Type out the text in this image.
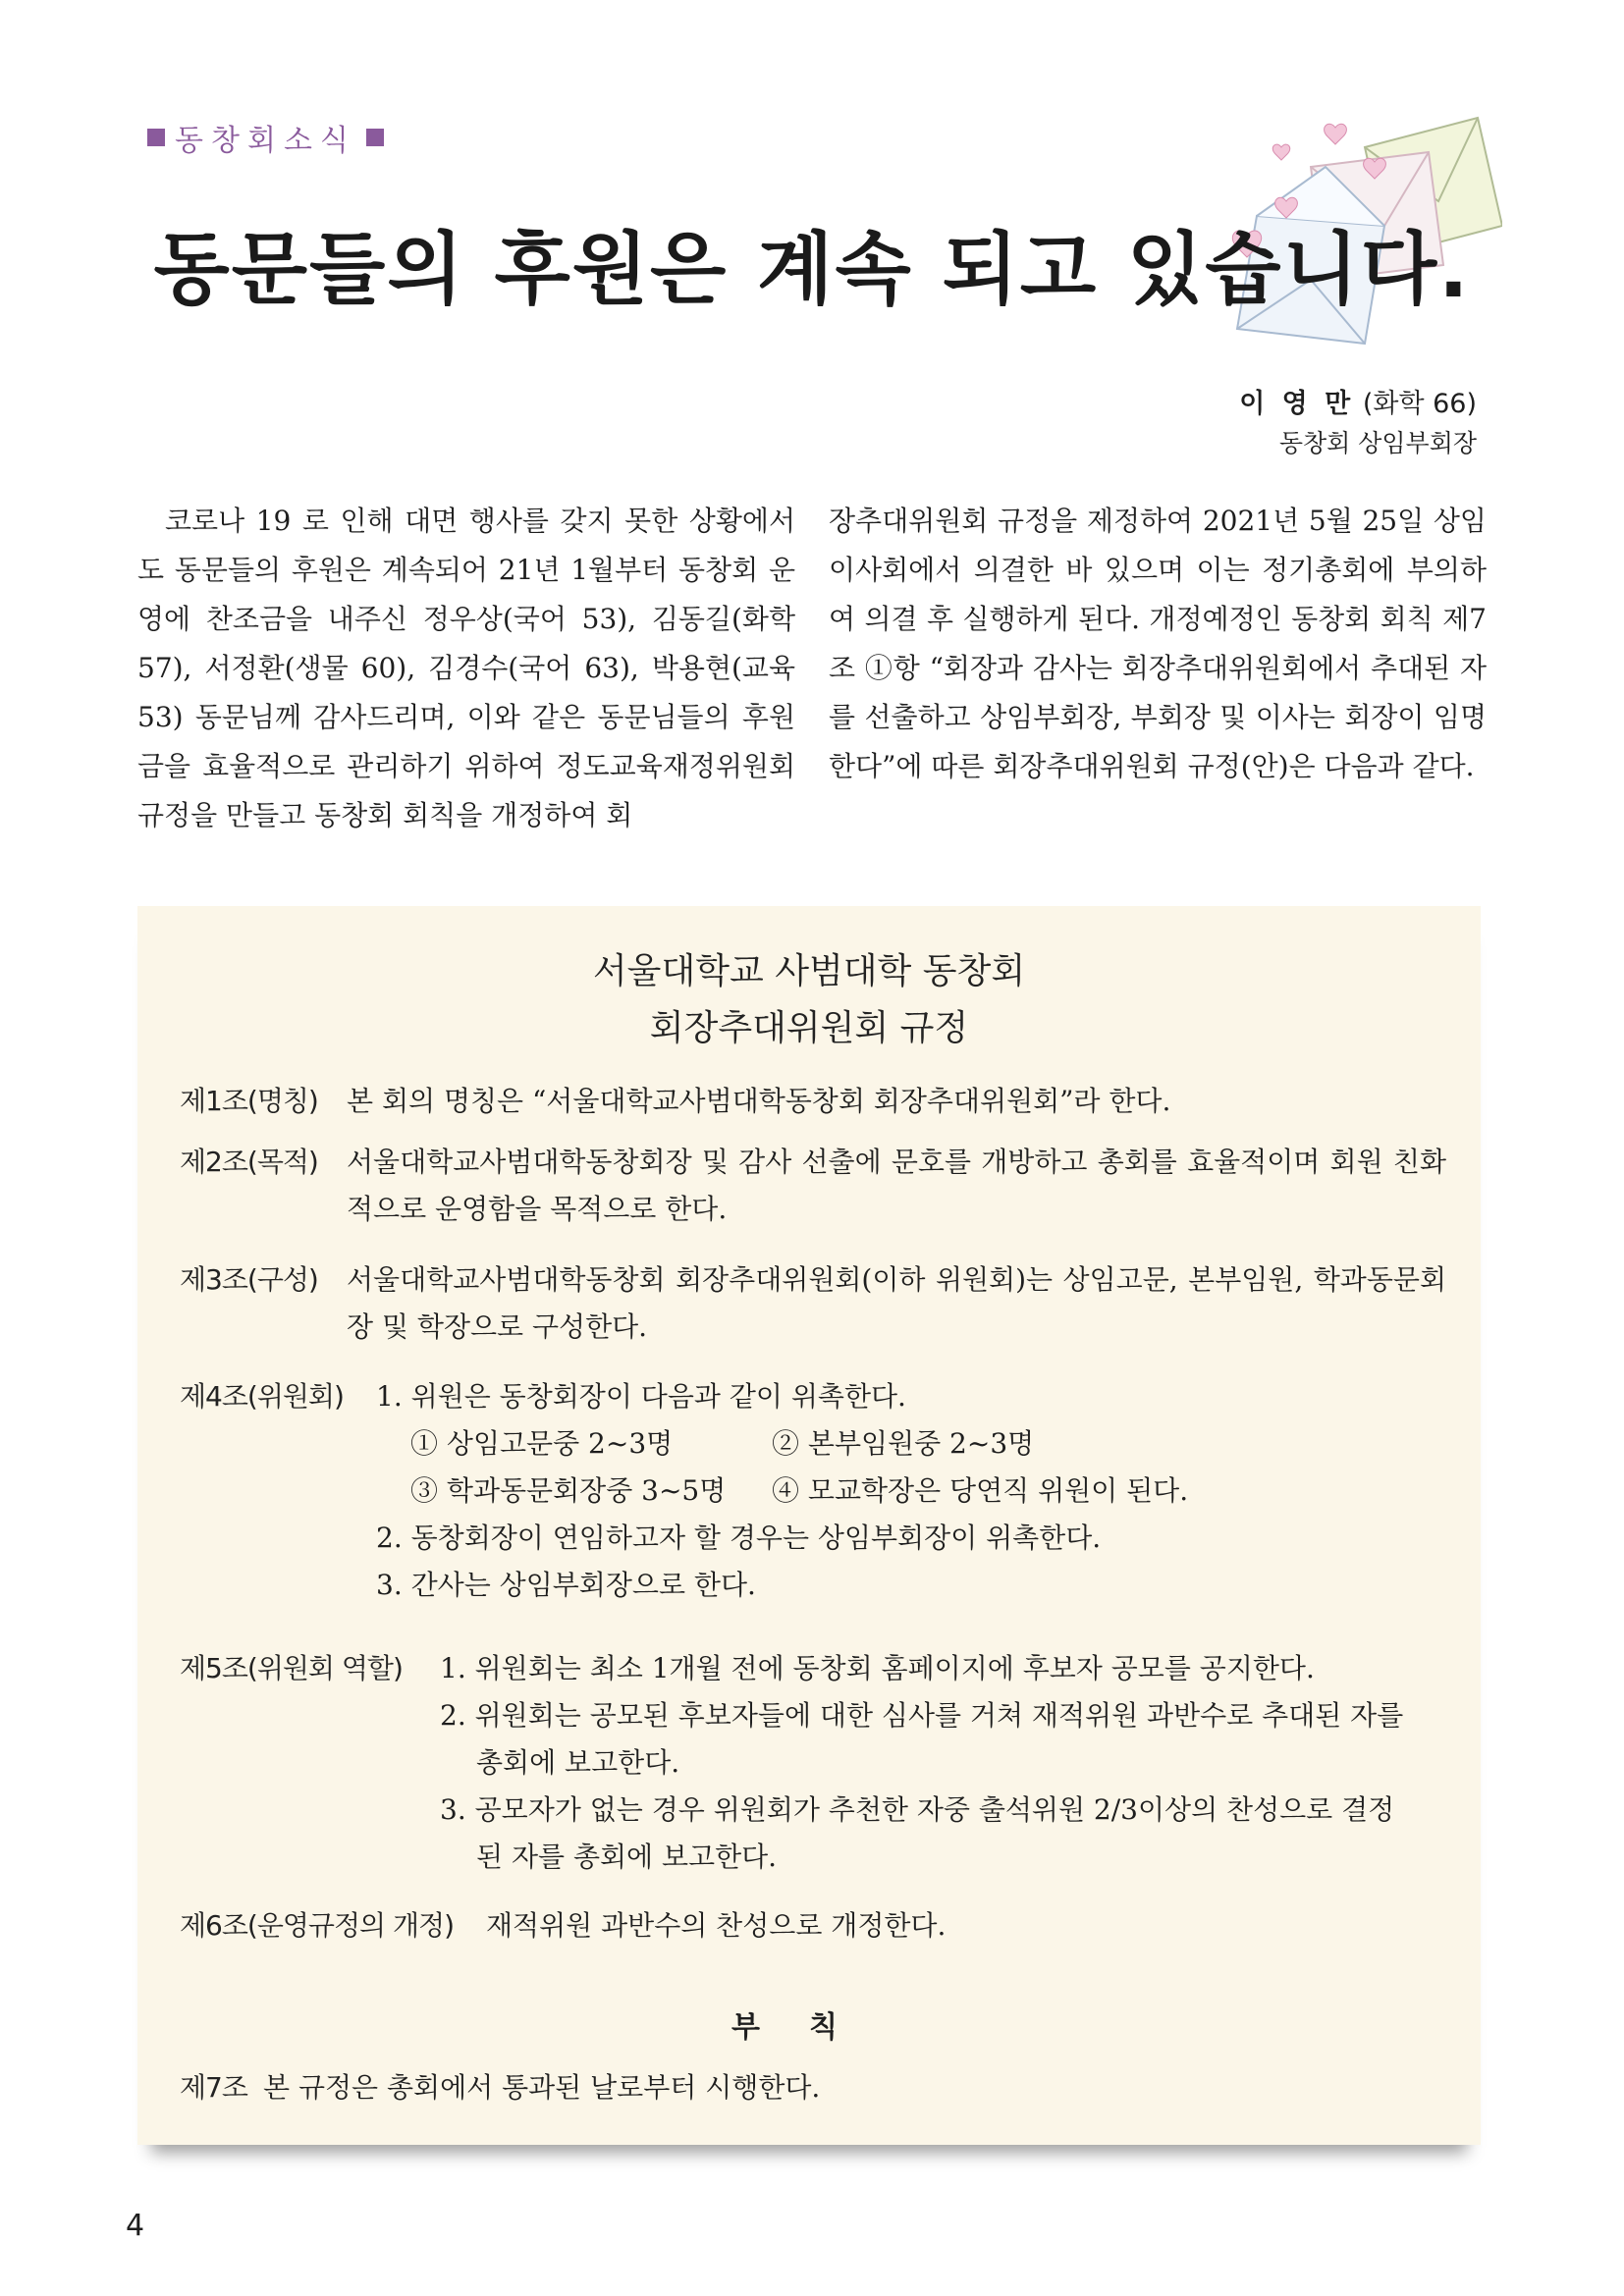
동창회소식
동문들의 후원은 계속 되고 있습니다.
이 영 만 (화학 66)
동창회 상임부회장

코로나 19 로 인해 대면 행사를 갖지 못한 상황에서도 동문들의 후원은 계속되어 21년 1월부터 동창회 운영에 찬조금을 내주신 정우상(국어 53), 김동길(화학 57), 서정환(생물 60), 김경수(국어 63), 박용현(교육 53) 동문님께 감사드리며, 이와 같은 동문님들의 후원금을 효율적으로 관리하기 위하여 정도교육재정위원회 규정을 만들고 동창회 회칙을 개정하여 회

장추대위원회 규정을 제정하여 2021년 5월 25일 상임이사회에서 의결한 바 있으며 이는 정기총회에 부의하여 의결 후 실행하게 된다. 개정예정인 동창회 회칙 제7조 ①항 “회장과 감사는 회장추대위원회에서 추대된 자를 선출하고 상임부회장, 부회장 및 이사는 회장이 임명한다”에 따른 회장추대위원회 규정(안)은 다음과 같다.

서울대학교 사범대학 동창회
회장추대위원회 규정
제1조(명칭) 본 회의 명칭은 “서울대학교사범대학동창회 회장추대위원회”라 한다.
제2조(목적) 서울대학교사범대학동창회장 및 감사 선출에 문호를 개방하고 총회를 효율적이며 회원 친화적으로 운영함을 목적으로 한다.
제3조(구성) 서울대학교사범대학동창회 회장추대위원회(이하 위원회)는 상임고문, 본부임원, 학과동문회장 및 학장으로 구성한다.
제4조(위원회) 1. 위원은 동창회장이 다음과 같이 위촉한다.
① 상임고문중 2~3명	② 본부임원중 2~3명
③ 학과동문회장중 3~5명 ④ 모교학장은 당연직 위원이 된다.
2. 동창회장이 연임하고자 할 경우는 상임부회장이 위촉한다.
3. 간사는 상임부회장으로 한다.
제5조(위원회 역할) 1. 위원회는 최소 1개월 전에 동창회 홈페이지에 후보자 공모를 공지한다.
2. 위원회는 공모된 후보자들에 대한 심사를 거쳐 재적위원 과반수로 추대된 자를
총회에 보고한다.
3. 공모자가 없는 경우 위원회가 추천한 자중 출석위원 2/3이상의 찬성으로 결정
된 자를 총회에 보고한다.
제6조(운영규정의 개정) 재적위원 과반수의 찬성으로 개정한다.
부칙
제7조 본 규정은 총회에서 통과된 날로부터 시행한다.
4
